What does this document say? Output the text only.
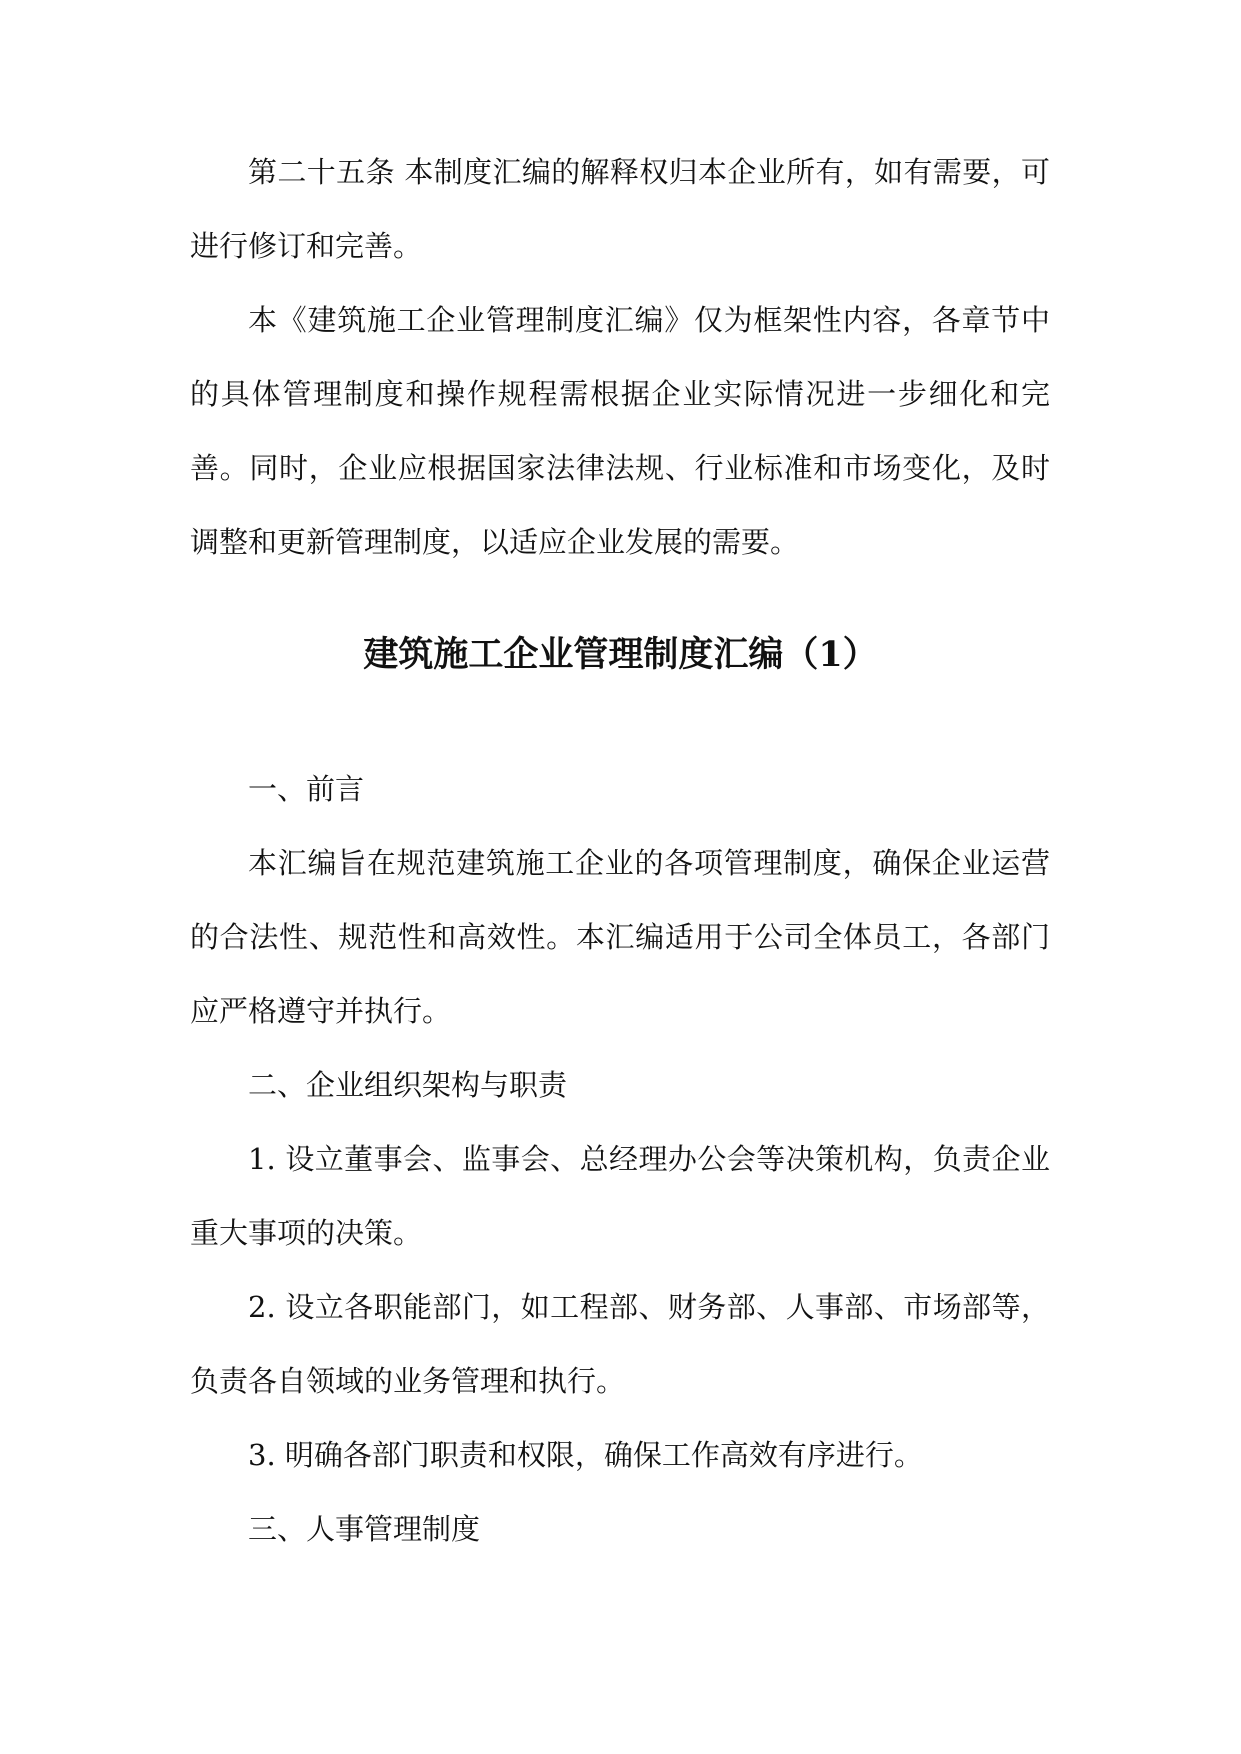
第二十五条 本制度汇编的解释权归本企业所有，如有需要，可进行修订和完善。

本《建筑施工企业管理制度汇编》仅为框架性内容，各章节中的具体管理制度和操作规程需根据企业实际情况进一步细化和完善。同时，企业应根据国家法律法规、行业标准和市场变化，及时调整和更新管理制度，以适应企业发展的需要。

建筑施工企业管理制度汇编（1）

一、前言

本汇编旨在规范建筑施工企业的各项管理制度，确保企业运营的合法性、规范性和高效性。本汇编适用于公司全体员工，各部门应严格遵守并执行。

二、企业组织架构与职责

1. 设立董事会、监事会、总经理办公会等决策机构，负责企业重大事项的决策。

2. 设立各职能部门，如工程部、财务部、人事部、市场部等，负责各自领域的业务管理和执行。

3. 明确各部门职责和权限，确保工作高效有序进行。

三、人事管理制度
